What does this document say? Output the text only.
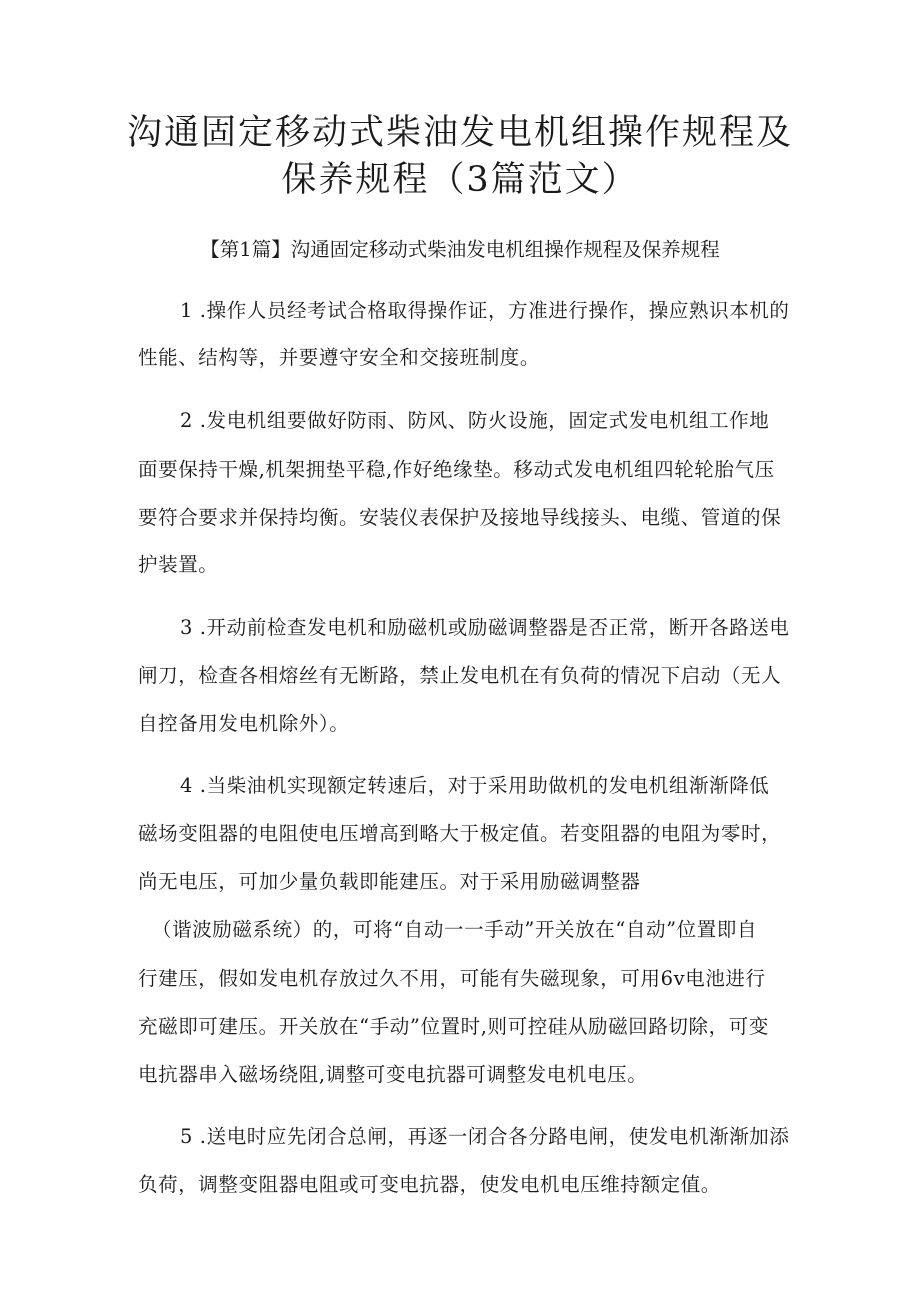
沟通固定移动式柴油发电机组操作规程及
保养规程（3篇范文）
【第1篇】沟通固定移动式柴油发电机组操作规程及保养规程
1 .操作人员经考试合格取得操作证，方准进行操作，操应熟识本机的
性能、结构等，并要遵守安全和交接班制度。
2 .发电机组要做好防雨、防风、防火设施，固定式发电机组工作地
面要保持干燥,机架拥垫平稳,作好绝缘垫。移动式发电机组四轮轮胎气压
要符合要求并保持均衡。安装仪表保护及接地导线接头、电缆、管道的保
护装置。
3 .开动前检查发电机和励磁机或励磁调整器是否正常，断开各路送电
闸刀，检查各相熔丝有无断路，禁止发电机在有负荷的情况下启动（无人
自控备用发电机除外）。
4 .当柴油机实现额定转速后，对于采用助做机的发电机组渐渐降低
磁场变阻器的电阻使电压增高到略大于极定值。若变阻器的电阻为零时，
尚无电压，可加少量负载即能建压。对于采用励磁调整器
（谐波励磁系统）的，可将“自动一一手动”开关放在“自动”位置即自
行建压，假如发电机存放过久不用，可能有失磁现象，可用6v电池进行
充磁即可建压。开关放在“手动”位置时,则可控硅从励磁回路切除，可变
电抗器串入磁场绕阻,调整可变电抗器可调整发电机电压。
5 .送电时应先闭合总闸，再逐一闭合各分路电闸，使发电机渐渐加添
负荷，调整变阻器电阻或可变电抗器，使发电机电压维持额定值。
